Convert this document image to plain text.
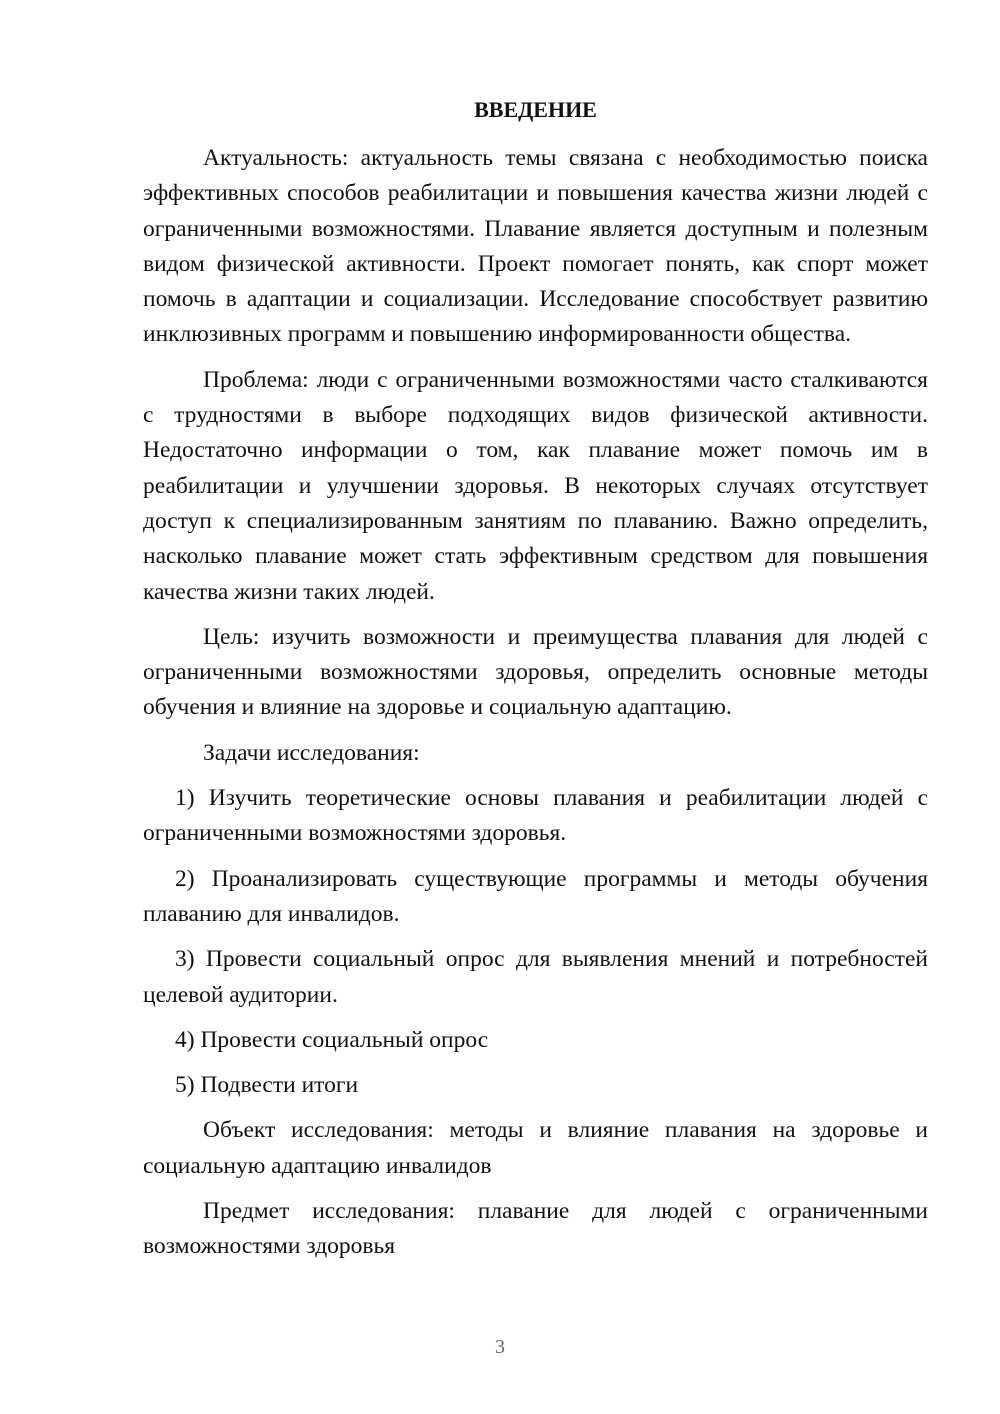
ВВЕДЕНИЕ

Актуальность: актуальность темы связана с необходимостью поиска эффективных способов реабилитации и повышения качества жизни людей с ограниченными возможностями. Плавание является доступным и полезным видом физической активности. Проект помогает понять, как спорт может помочь в адаптации и социализации. Исследование способствует развитию инклюзивных программ и повышению информированности общества.

Проблема: люди с ограниченными возможностями часто сталкиваются с трудностями в выборе подходящих видов физической активности. Недостаточно информации о том, как плавание может помочь им в реабилитации и улучшении здоровья. В некоторых случаях отсутствует доступ к специализированным занятиям по плаванию. Важно определить, насколько плавание может стать эффективным средством для повышения качества жизни таких людей.

Цель: изучить возможности и преимущества плавания для людей с ограниченными возможностями здоровья, определить основные методы обучения и влияние на здоровье и социальную адаптацию.

Задачи исследования:

1) Изучить теоретические основы плавания и реабилитации людей с ограниченными возможностями здоровья.

2) Проанализировать существующие программы и методы обучения плаванию для инвалидов.

3) Провести социальный опрос для выявления мнений и потребностей целевой аудитории.

4) Провести социальный опрос

5) Подвести итоги

Объект исследования: методы и влияние плавания на здоровье и социальную адаптацию инвалидов

Предмет исследования: плавание для людей с ограниченными возможностями здоровья

3
